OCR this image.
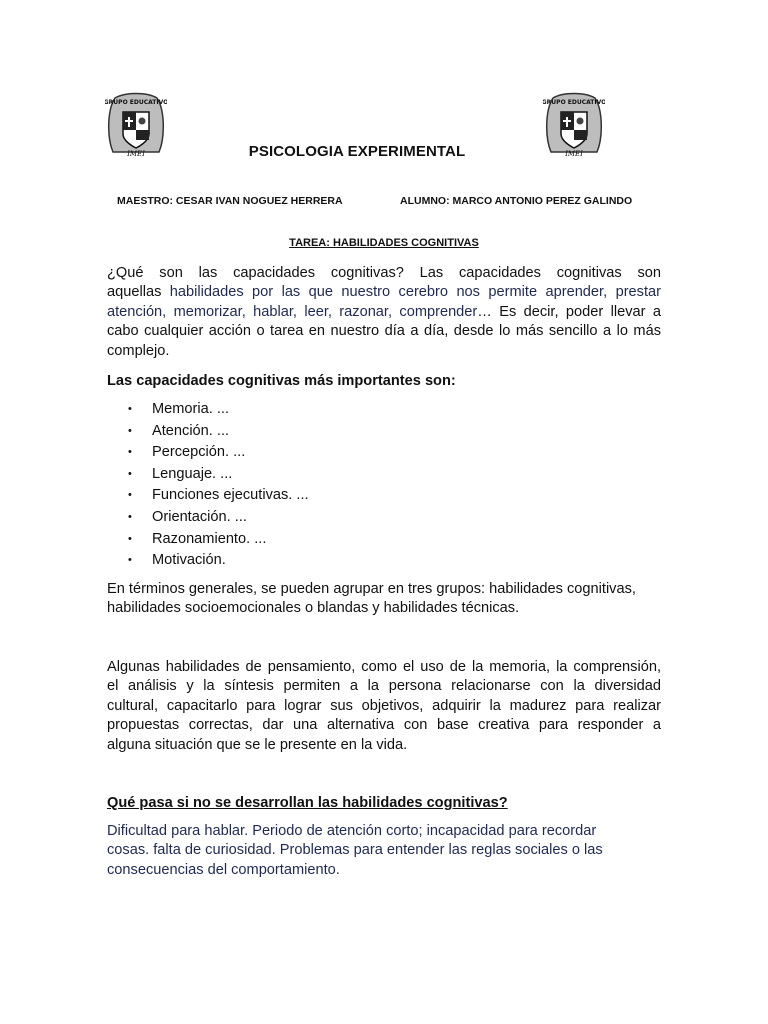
GRUPO EDUCATIVO
IMEI
GRUPO EDUCATIVO
IMEI
PSICOLOGIA EXPERIMENTAL
MAESTRO: CESAR IVAN NOGUEZ HERRERA	ALUMNO: MARCO ANTONIO PEREZ GALINDO
TAREA: HABILIDADES COGNITIVAS
¿Qué son las capacidades cognitivas? Las capacidades cognitivas son
aquellas habilidades por las que nuestro cerebro nos permite aprender, prestar
atención, memorizar, hablar, leer, razonar, comprender… Es decir, poder llevar a
cabo cualquier acción o tarea en nuestro día a día, desde lo más sencillo a lo más
complejo.
Las capacidades cognitivas más importantes son:
• Memoria. ...
• Atención. ...
• Percepción. ...
• Lenguaje. ...
• Funciones ejecutivas. ...
• Orientación. ...
• Razonamiento. ...
• Motivación.
En términos generales, se pueden agrupar en tres grupos: habilidades cognitivas,
habilidades socioemocionales o blandas y habilidades técnicas.
Algunas habilidades de pensamiento, como el uso de la memoria, la comprensión,
el análisis y la síntesis permiten a la persona relacionarse con la diversidad
cultural, capacitarlo para lograr sus objetivos, adquirir la madurez para realizar
propuestas correctas, dar una alternativa con base creativa para responder a
alguna situación que se le presente en la vida.
Qué pasa si no se desarrollan las habilidades cognitivas?
Dificultad para hablar. Periodo de atención corto; incapacidad para recordar
cosas. falta de curiosidad. Problemas para entender las reglas sociales o las
consecuencias del comportamiento.
